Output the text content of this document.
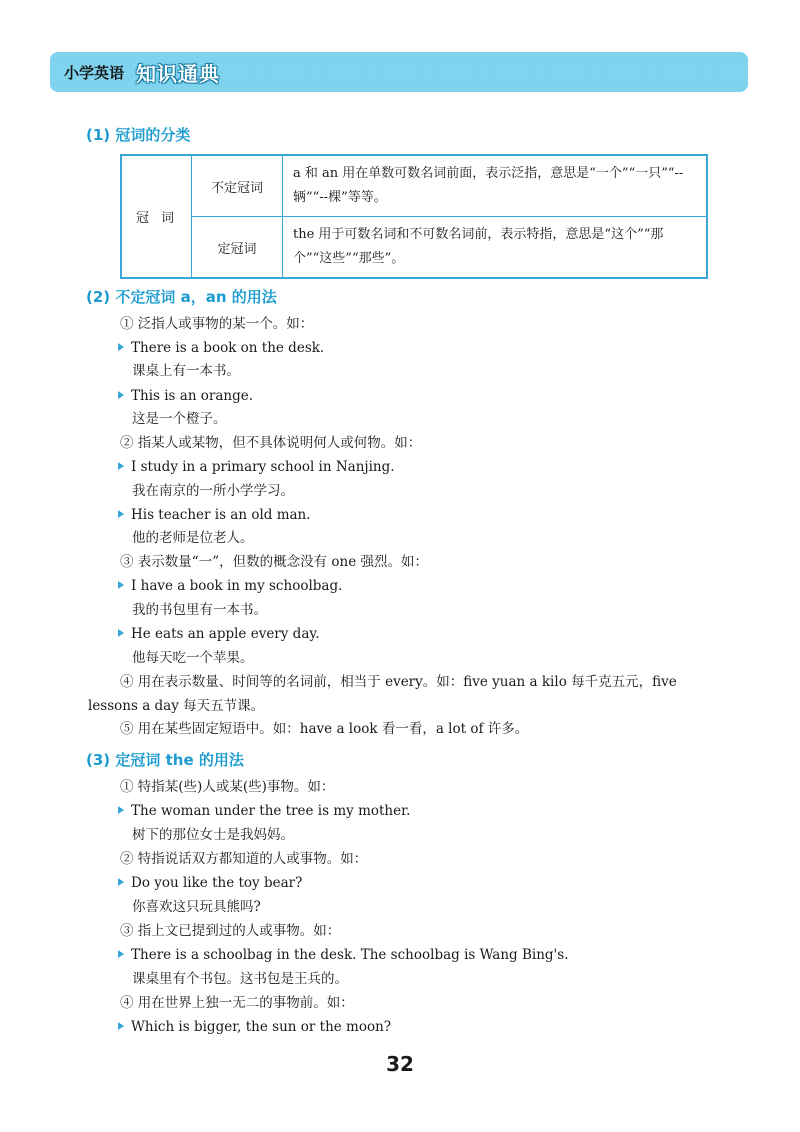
小学英语 知识通典
(1) 冠词的分类
冠词	不定冠词	a 和 an 用在单数可数名词前面，表示泛指，意思是“一个”“一只”“--辆”“--棵”等等。
	定冠词	the 用于可数名词和不可数名词前，表示特指，意思是“这个”“那个”“这些”“那些”。
(2) 不定冠词 a，an 的用法
① 泛指人或事物的某一个。如：
There is a book on the desk.
课桌上有一本书。
This is an orange.
这是一个橙子。
② 指某人或某物，但不具体说明何人或何物。如：
I study in a primary school in Nanjing.
我在南京的一所小学学习。
His teacher is an old man.
他的老师是位老人。
③ 表示数量“一”，但数的概念没有 one 强烈。如：
I have a book in my schoolbag.
我的书包里有一本书。
He eats an apple every day.
他每天吃一个苹果。
④ 用在表示数量、时间等的名词前，相当于 every。如：five yuan a kilo 每千克五元，five
lessons a day 每天五节课。
⑤ 用在某些固定短语中。如：have a look 看一看，a lot of 许多。
(3) 定冠词 the 的用法
① 特指某(些)人或某(些)事物。如：
The woman under the tree is my mother.
树下的那位女士是我妈妈。
② 特指说话双方都知道的人或事物。如：
Do you like the toy bear?
你喜欢这只玩具熊吗?
③ 指上文已提到过的人或事物。如：
There is a schoolbag in the desk. The schoolbag is Wang Bing's.
课桌里有个书包。这书包是王兵的。
④ 用在世界上独一无二的事物前。如：
Which is bigger, the sun or the moon?
32
